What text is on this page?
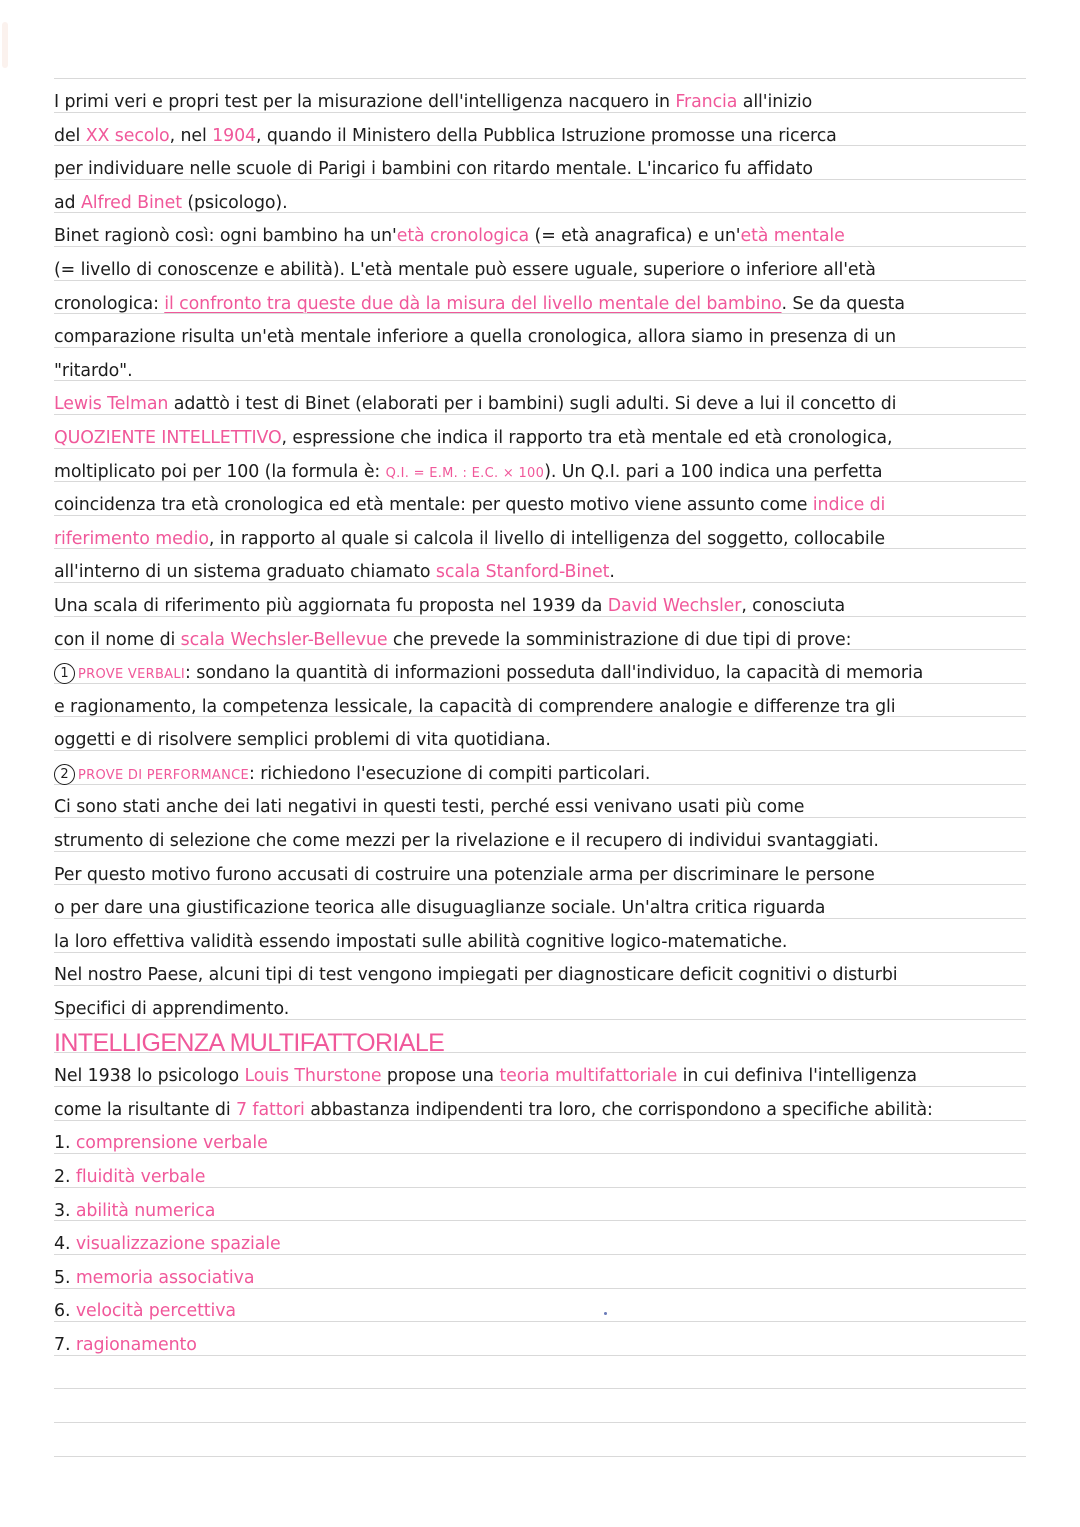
I primi veri e propri test per la misurazione dell'intelligenza nacquero in Francia all'inizio
del XX secolo, nel 1904, quando il Ministero della Pubblica Istruzione promosse una ricerca
per individuare nelle scuole di Parigi i bambini con ritardo mentale. L'incarico fu affidato
ad Alfred Binet (psicologo).
Binet ragionò così: ogni bambino ha un'età cronologica (= età anagrafica) e un'età mentale
(= livello di conoscenze e abilità). L'età mentale può essere uguale, superiore o inferiore all'età
cronologica: il confronto tra queste due dà la misura del livello mentale del bambino. Se da questa
comparazione risulta un'età mentale inferiore a quella cronologica, allora siamo in presenza di un
"ritardo".
Lewis Telman adattò i test di Binet (elaborati per i bambini) sugli adulti. Si deve a lui il concetto di
QUOZIENTE INTELLETTIVO, espressione che indica il rapporto tra età mentale ed età cronologica,
moltiplicato poi per 100 (la formula è: Q.I. = E.M. : E.C. × 100). Un Q.I. pari a 100 indica una perfetta
coincidenza tra età cronologica ed età mentale: per questo motivo viene assunto come indice di
riferimento medio, in rapporto al quale si calcola il livello di intelligenza del soggetto, collocabile
all'interno di un sistema graduato chiamato scala Stanford-Binet.
Una scala di riferimento più aggiornata fu proposta nel 1939 da David Wechsler, conosciuta
con il nome di scala Wechsler-Bellevue che prevede la somministrazione di due tipi di prove:
1 PROVE VERBALI: sondano la quantità di informazioni posseduta dall'individuo, la capacità di memoria
e ragionamento, la competenza lessicale, la capacità di comprendere analogie e differenze tra gli
oggetti e di risolvere semplici problemi di vita quotidiana.
2 PROVE DI PERFORMANCE: richiedono l'esecuzione di compiti particolari.
Ci sono stati anche dei lati negativi in questi testi, perché essi venivano usati più come
strumento di selezione che come mezzi per la rivelazione e il recupero di individui svantaggiati.
Per questo motivo furono accusati di costruire una potenziale arma per discriminare le persone
o per dare una giustificazione teorica alle disuguaglianze sociale. Un'altra critica riguarda
la loro effettiva validità essendo impostati sulle abilità cognitive logico-matematiche.
Nel nostro Paese, alcuni tipi di test vengono impiegati per diagnosticare deficit cognitivi o disturbi
Specifici di apprendimento.
INTELLIGENZA MULTIFATTORIALE
Nel 1938 lo psicologo Louis Thurstone propose una teoria multifattoriale in cui definiva l'intelligenza
come la risultante di 7 fattori abbastanza indipendenti tra loro, che corrispondono a specifiche abilità:
1. comprensione verbale
2. fluidità verbale
3. abilità numerica
4. visualizzazione spaziale
5. memoria associativa
6. velocità percettiva
7. ragionamento
